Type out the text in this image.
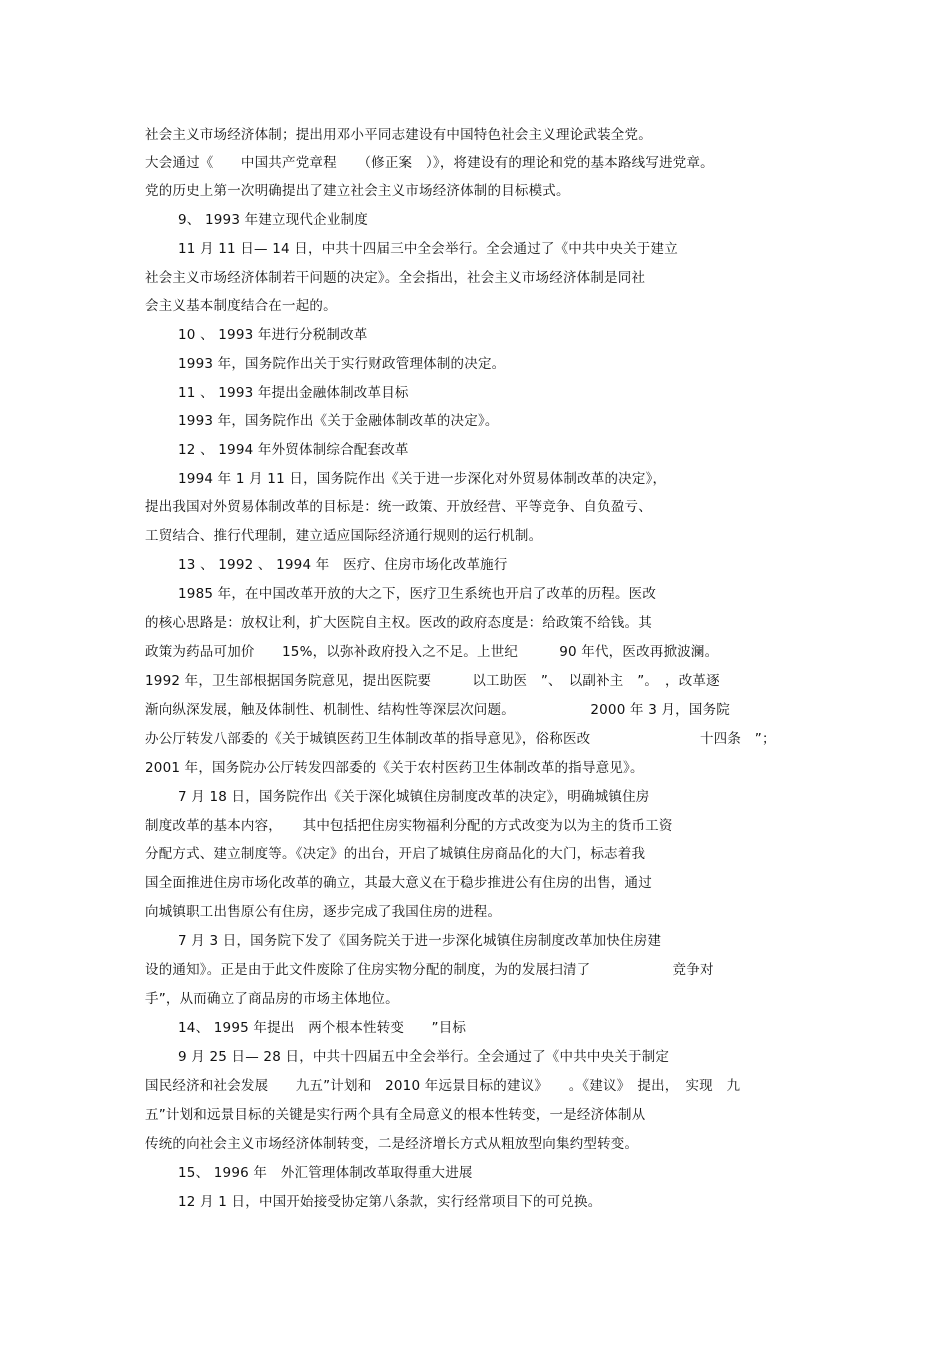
社会主义市场经济体制；提出用邓小平同志建设有中国特色社会主义理论武装全党。

大会通过《　　中国共产党章程　　（修正案　）》，将建设有的理论和党的基本路线写进党章。

党的历史上第一次明确提出了建立社会主义市场经济体制的目标模式。

9、 1993 年建立现代企业制度

11 月 11 日— 14 日，中共十四届三中全会举行。全会通过了《中共中央关于建立

社会主义市场经济体制若干问题的决定》。全会指出，社会主义市场经济体制是同社

会主义基本制度结合在一起的。

10 、 1993 年进行分税制改革

1993 年，国务院作出关于实行财政管理体制的决定。

11 、 1993 年提出金融体制改革目标

1993 年，国务院作出《关于金融体制改革的决定》。

12 、 1994 年外贸体制综合配套改革

1994 年 1 月 11 日，国务院作出《关于进一步深化对外贸易体制改革的决定》，

提出我国对外贸易体制改革的目标是：统一政策、开放经营、平等竞争、自负盈亏、

工贸结合、推行代理制，建立适应国际经济通行规则的运行机制。

13 、 1992 、 1994 年　医疗、住房市场化改革施行

1985 年，在中国改革开放的大之下，医疗卫生系统也开启了改革的历程。医改

的核心思路是：放权让利，扩大医院自主权。医改的政府态度是：给政策不给钱。其

政策为药品可加价　　15%，以弥补政府投入之不足。上世纪　　　90 年代，医改再掀波澜。

1992 年，卫生部根据国务院意见，提出医院要　　　以工助医　”、　以副补主　”。　，改革逐

渐向纵深发展，触及体制性、机制性、结构性等深层次问题。　　　　　　2000 年 3 月，国务院

办公厅转发八部委的《关于城镇医药卫生体制改革的指导意见》，俗称医改　　　　　　　　十四条　”；

2001 年，国务院办公厅转发四部委的《关于农村医药卫生体制改革的指导意见》。

7 月 18 日，国务院作出《关于深化城镇住房制度改革的决定》，明确城镇住房

制度改革的基本内容，　　其中包括把住房实物福利分配的方式改变为以为主的货币工资

分配方式、建立制度等。《决定》的出台，开启了城镇住房商品化的大门，标志着我

国全面推进住房市场化改革的确立，其最大意义在于稳步推进公有住房的出售，通过

向城镇职工出售原公有住房，逐步完成了我国住房的进程。

7 月 3 日，国务院下发了《国务院关于进一步深化城镇住房制度改革加快住房建

设的通知》。正是由于此文件废除了住房实物分配的制度，为的发展扫清了　　　　　　竞争对

手”，从而确立了商品房的市场主体地位。

14、 1995 年提出　两个根本性转变　　”目标

9 月 25 日— 28 日，中共十四届五中全会举行。全会通过了《中共中央关于制定

国民经济和社会发展　　九五”计划和　2010 年远景目标的建议》　　。《建议》　提出，　实现　九

五”计划和远景目标的关键是实行两个具有全局意义的根本性转变，一是经济体制从

传统的向社会主义市场经济体制转变，二是经济增长方式从粗放型向集约型转变。

15、 1996 年　外汇管理体制改革取得重大进展

12 月 1 日，中国开始接受协定第八条款，实行经常项目下的可兑换。
